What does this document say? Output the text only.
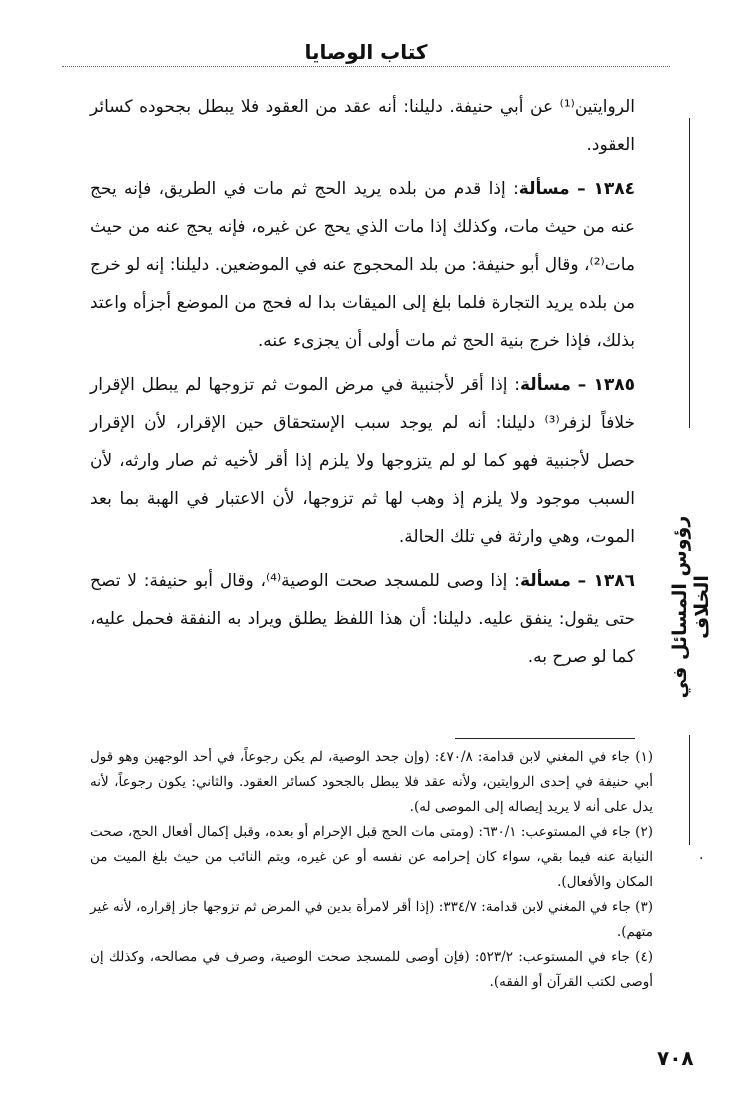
كتاب الوصايا
رؤوس المسائل في الخلاف
.

الروايتين⁽¹⁾ عن أبي حنيفة. دليلنا: أنه عقد من العقود فلا يبطل بجحوده كسائر العقود.

١٣٨٤ – مسألة: إذا قدم من بلده يريد الحج ثم مات في الطريق، فإنه يحج عنه من حيث مات، وكذلك إذا مات الذي يحج عن غيره، فإنه يحج عنه من حيث مات⁽²⁾، وقال أبو حنيفة: من بلد المحجوج عنه في الموضعين. دليلنا: إنه لو خرج من بلده يريد التجارة فلما بلغ إلى الميقات بدا له فحج من الموضع أجزأه واعتد بذلك، فإذا خرج بنية الحج ثم مات أولى أن يجزىء عنه.

١٣٨٥ – مسألة: إذا أقر لأجنبية في مرض الموت ثم تزوجها لم يبطل الإقرار خلافاً لزفر⁽³⁾ دليلنا: أنه لم يوجد سبب الإستحقاق حين الإقرار، لأن الإقرار حصل لأجنبية فهو كما لو لم يتزوجها ولا يلزم إذا أقر لأخيه ثم صار وارثه، لأن السبب موجود ولا يلزم إذ وهب لها ثم تزوجها، لأن الاعتبار في الهبة بما بعد الموت، وهي وارثة في تلك الحالة.

١٣٨٦ – مسألة: إذا وصى للمسجد صحت الوصية⁽⁴⁾، وقال أبو حنيفة: لا تصح حتى يقول: ينفق عليه. دليلنا: أن هذا اللفظ يطلق ويراد به النفقة فحمل عليه، كما لو صرح به.

(١) جاء في المغني لابن قدامة: ٤٧٠/٨: (وإن جحد الوصية، لم يكن رجوعاً، في أحد الوجهين وهو قول أبي حنيفة في إحدى الروايتين، ولأنه عقد فلا يبطل بالجحود كسائر العقود. والثاني: يكون رجوعاً، لأنه يدل على أنه لا يريد إيصاله إلى الموصى له).

(٢) جاء في المستوعب: ٦٣٠/١: (ومتى مات الحج قبل الإحرام أو بعده، وقبل إكمال أفعال الحج، صحت النيابة عنه فيما بقي، سواء كان إحرامه عن نفسه أو عن غيره، ويتم النائب من حيث بلغ الميت من المكان والأفعال).

(٣) جاء في المغني لابن قدامة: ٣٣٤/٧: (إذا أقر لامرأة بدين في المرض ثم تزوجها جاز إقراره، لأنه غير متهم).

(٤) جاء في المستوعب: ٥٢٣/٢: (فإن أوصى للمسجد صحت الوصية، وصرف في مصالحه، وكذلك إن أوصى لكتب القرآن أو الفقه).

٧٠٨
